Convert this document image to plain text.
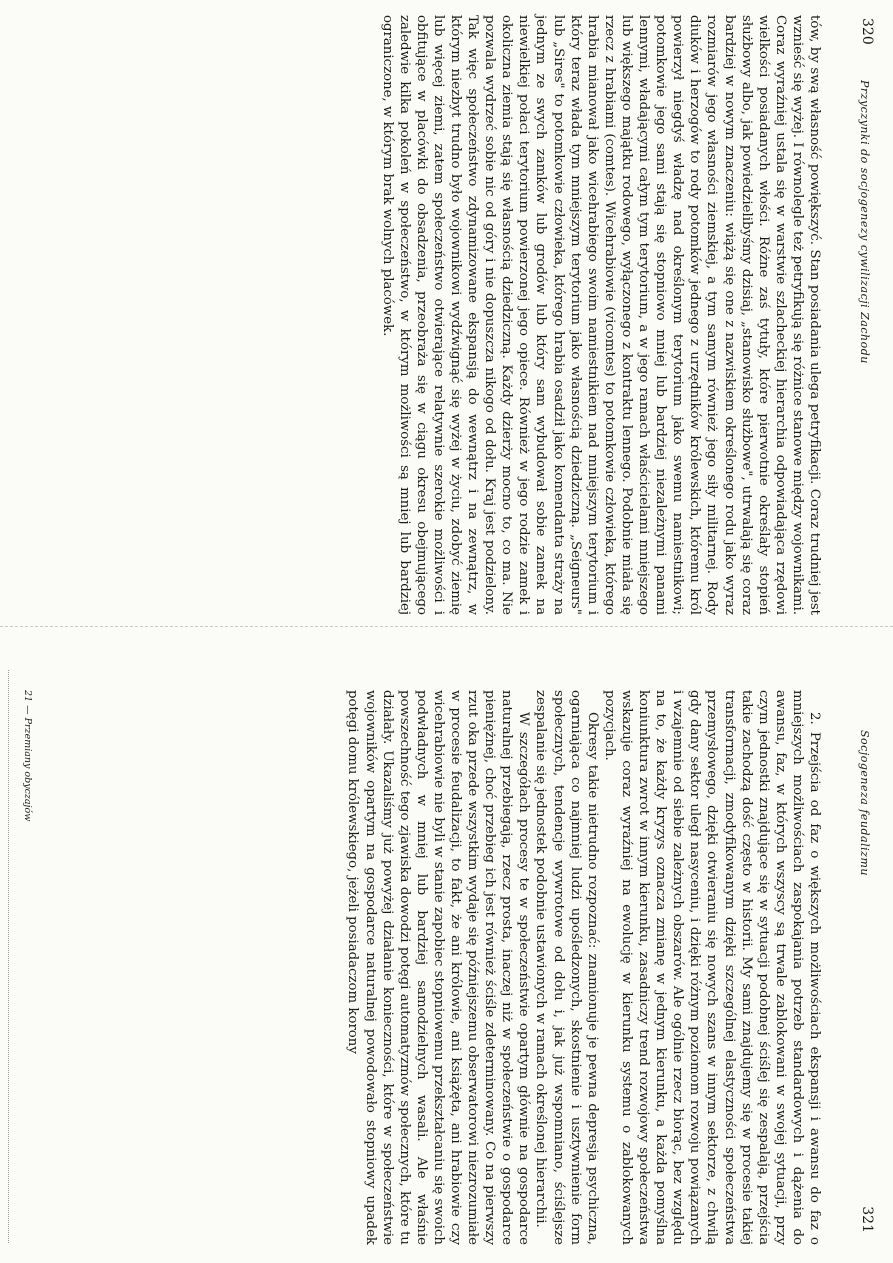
320
Przyczynki do socjogenezy cywilizacji Zachodu

tów, by swą własność powiększyć. Stan posiadania ulega petryfikacji. Coraz trudniej jest wznieść się wyżej. I równolegle też petryfikują się różnice stanowe między wojownikami. Coraz wyraźniej ustala się w warstwie szlacheckiej hierarchia odpowiadająca rzędowi wielkości posiadanych włości. Różne zaś tytuły, które pierwotnie określały stopień służbowy albo, jak powiedzielibyśmy dzisiaj, „stanowisko służbowe", utrwalają się coraz bardziej w nowym znaczeniu: wiążą się one z nazwiskiem określonego rodu jako wyraz rozmiarów jego własności ziemskiej, a tym samym również jego siły militarnej. Rody diuków i herzogów to rody potomków jednego z urzędników królewskich, któremu król powierzył niegdyś władzę nad określonym terytorium jako swemu namiestnikowi; potomkowie jego sami stają się stopniowo mniej lub bardziej niezależnymi panami lennymi, władającymi całym tym terytorium, a w jego ramach właścicielami mniejszego lub większego majątku rodowego, wyłączonego z kontraktu lennego. Podobnie miała się rzecz z hrabiami (comtes). Wicehrabiowie (vicomtes) to potomkowie człowieka, którego hrabia mianował jako wicehrabiego swoim namiestnikiem nad mniejszym terytorium i który teraz włada tym mniejszym terytorium jako własnością dziedziczną. „Seigneurs" lub „Sires" to potomkowie człowieka, którego hrabia osadził jako komendanta straży na jednym ze swych zamków lub grodów lub który sam wybudował sobie zamek na niewielkiej połaci terytorium powierzonej jego opiece. Również w jego rodzie zamek i okoliczna ziemia stają się własnością dziedziczną. Każdy dzierży mocno to, co ma. Nie pozwala wydrzeć sobie nic od góry i nie dopuszcza nikogo od dołu. Kraj jest podzielony. Tak więc społeczeństwo zdynamizowane ekspansją do wewnątrz i na zewnątrz, w którym niezbyt trudno było wojownikowi wydźwignąć się wyżej w życiu, zdobyć ziemię lub więcej ziemi, zatem społeczeństwo otwierające relatywnie szerokie możliwości i obfitujące w placówki do obsadzenia, przeobraża się w ciągu okresu obejmującego zaledwie kilka pokoleń w społeczeństwo, w którym możliwości są mniej lub bardziej ograniczone, w którym brak wolnych placówek.

Socjogeneza feudalizmu
321

2. Przejścia od faz o większych możliwościach ekspansji i awansu do faz o mniejszych możliwościach zaspokajania potrzeb standardowych i dążenia do awansu, faz, w których wszyscy są trwale zablokowani w swojej sytuacji, przy czym jednostki znajdujące się w sytuacji podobnej ściślej się zespalają, przejścia takie zachodzą dość często w historii. My sami znajdujemy się w procesie takiej transformacji, zmodyfikowanym dzięki szczególnej elastyczności społeczeństwa przemysłowego, dzięki otwieraniu się nowych szans w innym sektorze, z chwilą gdy dany sektor uległ nasyceniu, i dzięki różnym poziomom rozwoju powiązanych i wzajemnie od siebie zależnych obszarów. Ale ogólnie rzecz biorąc, bez względu na to, że każdy kryzys oznacza zmianę w jednym kierunku, a każda pomyślna koniunktura zwrot w innym kierunku, zasadniczy trend rozwojowy społeczeństwa wskazuje coraz wyraźniej na ewolucję w kierunku systemu o zablokowanych pozycjach.

Okresy takie nietrudno rozpoznać: znamionuje je pewna depresja psychiczna, ogarniająca co najmniej ludzi upośledzonych, skostnienie i usztywnienie form społecznych, tendencje wywrotowe od dołu i, jak już wspomniano, ściślejsze zespalanie się jednostek podobnie ustawionych w ramach określonej hierarchii.

W szczegółach procesy te w społeczeństwie opartym głównie na gospodarce naturalnej przebiegają, rzecz prosta, inaczej niż w społeczeństwie o gospodarce pieniężnej, choć przebieg ich jest również ściśle zdeterminowany. Co na pierwszy rzut oka przede wszystkim wydaje się późniejszemu obserwatorowi niezrozumiałe w procesie feudalizacji, to fakt, że ani królowie, ani książęta, ani hrabiowie czy wicehrabiowie nie byli w stanie zapobiec stopniowemu przekształcaniu się swoich podwładnych w mniej lub bardziej samodzielnych wasali. Ale właśnie powszechność tego zjawiska dowodzi potęgi automatyzmów społecznych, które tu działały. Ukazaliśmy już powyżej działanie konieczności, które w społeczeństwie wojowników opartym na gospodarce naturalnej powodowało stopniowy upadek potęgi domu królewskiego, jeżeli posiadaczom korony

21 — Przemiany obyczajów
